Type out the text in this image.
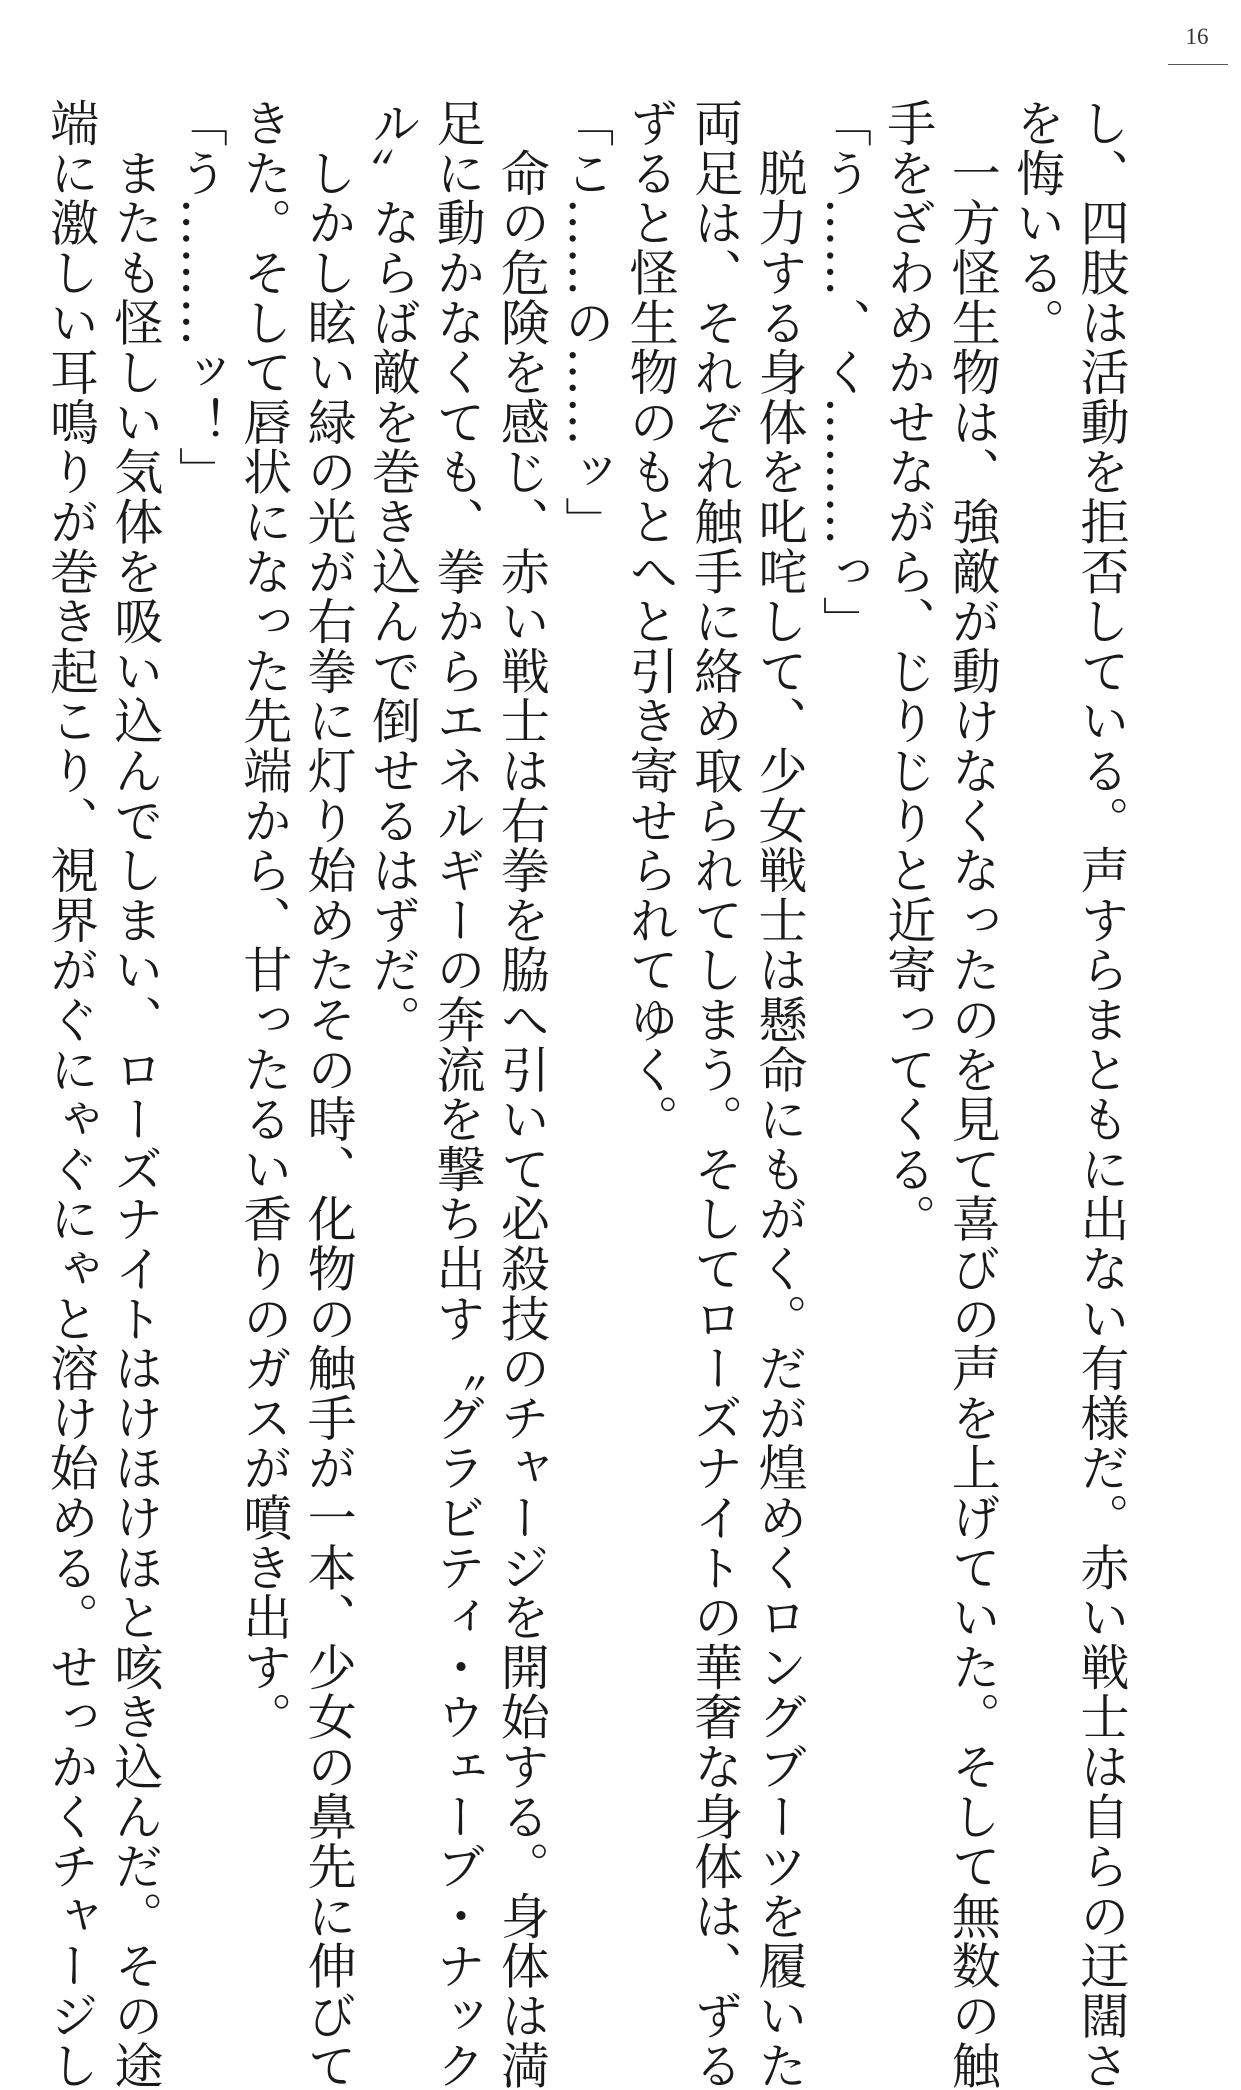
16
し、四肢は活動を拒否している。声すらまともに出ない有様だ。赤い戦士は自らの迂闊さ
を悔いる。
　一方怪生物は、強敵が動けなくなったのを見て喜びの声を上げていた。そして無数の触
手をざわめかせながら、じりじりと近寄ってくる。
「う……、く………っ」
　脱力する身体を叱咤して、少女戦士は懸命にもがく。だが煌めくロングブーツを履いた
両足は、それぞれ触手に絡め取られてしまう。そしてローズナイトの華奢な身体は、ずる
ずると怪生物のもとへと引き寄せられてゆく。
「こ……の……ッ」
　命の危険を感じ、赤い戦士は右拳を脇へ引いて必殺技のチャージを開始する。身体は満
足に動かなくても、拳からエネルギーの奔流を撃ち出す〝グラビティ・ウェーブ・ナック
ル〟ならば敵を巻き込んで倒せるはずだ。
　しかし眩い緑の光が右拳に灯り始めたその時、化物の触手が一本、少女の鼻先に伸びて
きた。そして唇状になった先端から、甘ったるい香りのガスが噴き出す。
「う………ッ！」
　またも怪しい気体を吸い込んでしまい、ローズナイトはけほけほと咳き込んだ。その途
端に激しい耳鳴りが巻き起こり、視界がぐにゃぐにゃと溶け始める。せっかくチャージし
